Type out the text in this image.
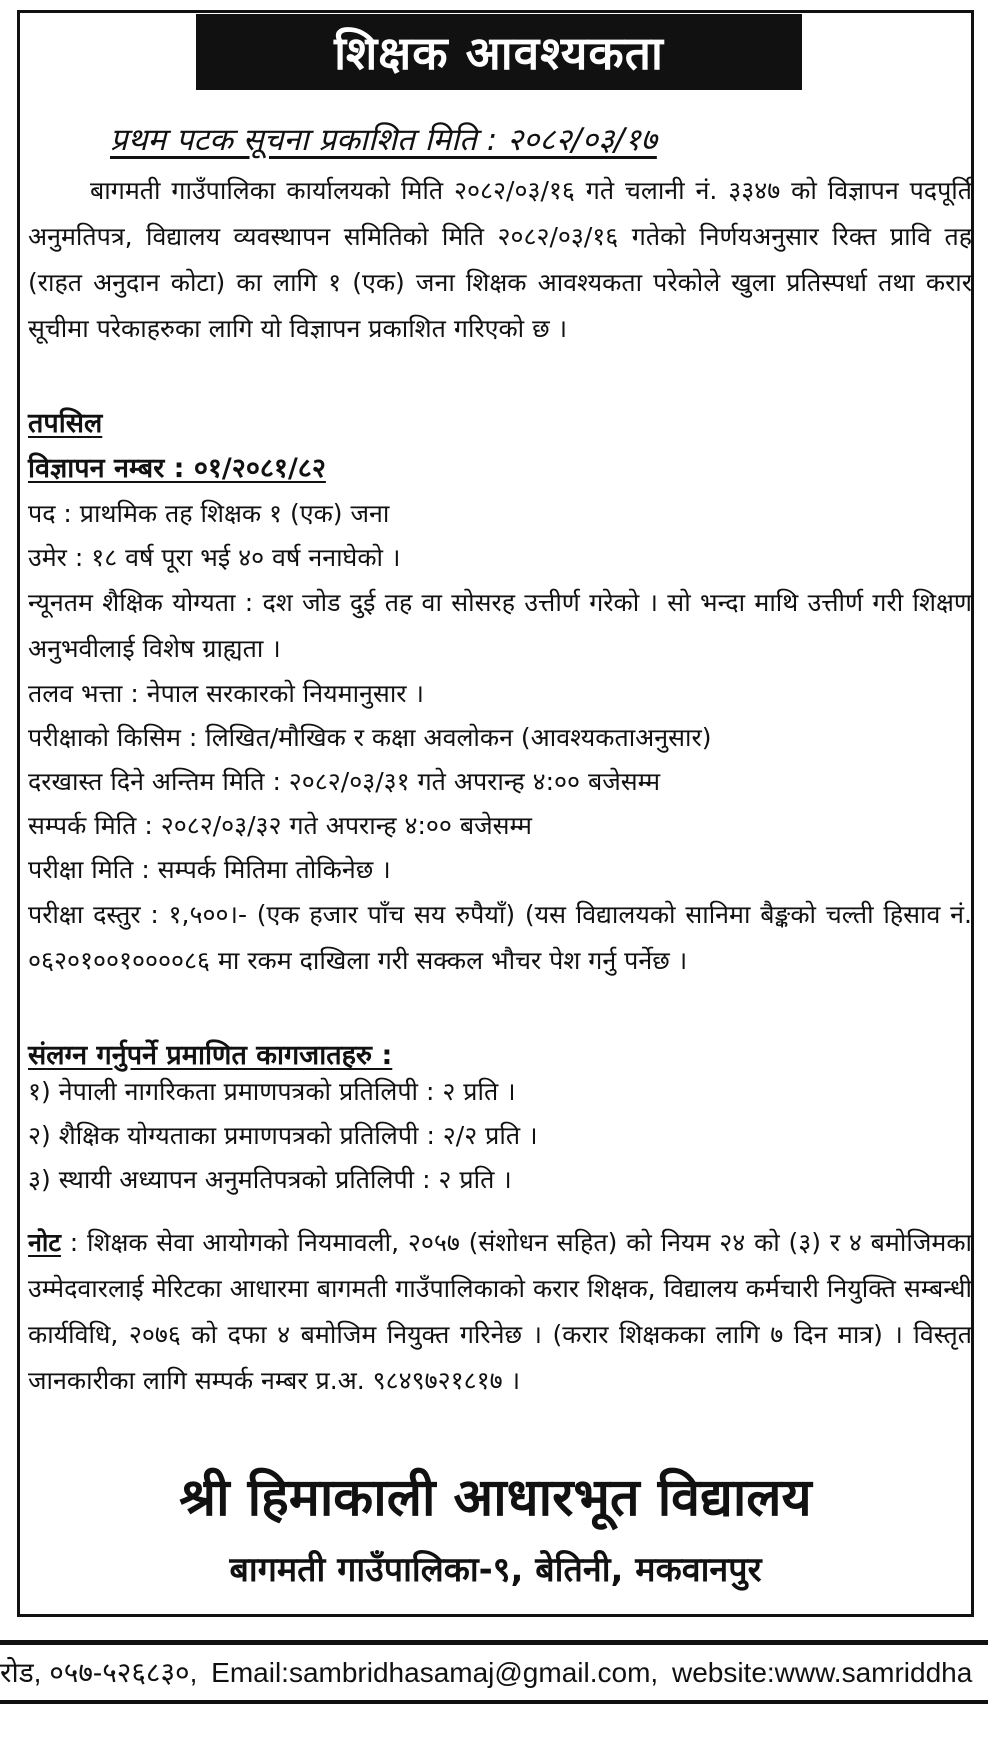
शिक्षक आवश्यकता
प्रथम पटक सूचना प्रकाशित मिति : २०८२/०३/१७
बागमती गाउँपालिका कार्यालयको मिति २०८२/०३/१६ गते चलानी नं. ३३४७ को विज्ञापन पदपूर्ति अनुमतिपत्र, विद्यालय व्यवस्थापन समितिको मिति २०८२/०३/१६ गतेको निर्णयअनुसार रिक्त प्रावि तह (राहत अनुदान कोटा) का लागि १ (एक) जना शिक्षक आवश्यकता परेकोले खुला प्रतिस्पर्धा तथा करार सूचीमा परेकाहरुका लागि यो विज्ञापन प्रकाशित गरिएको छ ।
तपसिल
विज्ञापन नम्बर : ०१/२०८१/८२
पद : प्राथमिक तह शिक्षक १ (एक) जना
उमेर : १८ वर्ष पूरा भई ४० वर्ष ननाघेको ।
न्यूनतम शैक्षिक योग्यता : दश जोड दुई तह वा सोसरह उत्तीर्ण गरेको । सो भन्दा माथि उत्तीर्ण गरी शिक्षण अनुभवीलाई विशेष ग्राह्यता ।
तलव भत्ता : नेपाल सरकारको नियमानुसार ।
परीक्षाको किसिम : लिखित/मौखिक र कक्षा अवलोकन (आवश्यकताअनुसार)
दरखास्त दिने अन्तिम मिति : २०८२/०३/३१ गते अपरान्ह ४:०० बजेसम्म
सम्पर्क मिति : २०८२/०३/३२ गते अपरान्ह ४:०० बजेसम्म
परीक्षा मिति : सम्पर्क मितिमा तोकिनेछ ।
परीक्षा दस्तुर : १,५००।- (एक हजार पाँच सय रुपैयाँ) (यस विद्यालयको सानिमा बैङ्कको चल्ती हिसाव नं. ०६२०१००१००००८६ मा रकम दाखिला गरी सक्कल भौचर पेश गर्नु पर्नेछ ।
संलग्न गर्नुपर्ने प्रमाणित कागजातहरु :
१) नेपाली नागरिकता प्रमाणपत्रको प्रतिलिपी : २ प्रति ।
२) शैक्षिक योग्यताका प्रमाणपत्रको प्रतिलिपी : २/२ प्रति ।
३) स्थायी अध्यापन अनुमतिपत्रको प्रतिलिपी : २ प्रति ।
नोट : शिक्षक सेवा आयोगको नियमावली, २०५७ (संशोधन सहित) को नियम २४ को (३) र ४ बमोजिमका उम्मेदवारलाई मेरिटका आधारमा बागमती गाउँपालिकाको करार शिक्षक, विद्यालय कर्मचारी नियुक्ति सम्बन्धी कार्यविधि, २०७६ को दफा ४ बमोजिम नियुक्त गरिनेछ । (करार शिक्षकका लागि ७ दिन मात्र) । विस्तृत जानकारीका लागि सम्पर्क नम्बर प्र.अ. ९८४९७२१८१७ ।
श्री हिमाकाली आधारभूत विद्यालय
बागमती गाउँपालिका-९, बेतिनी, मकवानपुर
रोड, ०५७-५२६८३०, Email:sambridhasamaj@gmail.com, website:www.samriddha
